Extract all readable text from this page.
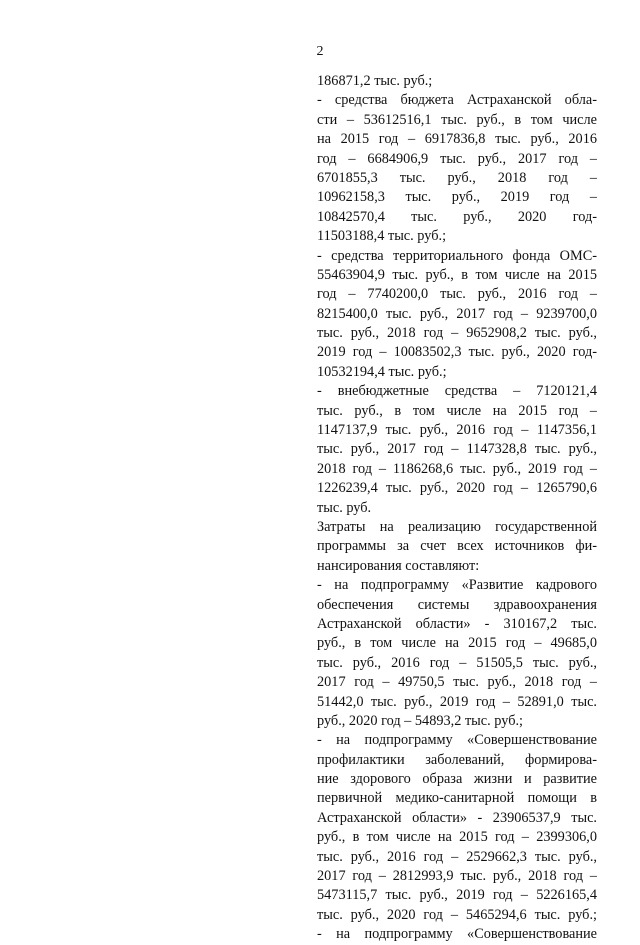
2
186871,2 тыс. руб.;
- средства бюджета Астраханской обла-
сти – 53612516,1 тыс. руб., в том числе
на 2015 год – 6917836,8 тыс. руб., 2016
год – 6684906,9 тыс. руб., 2017 год –
6701855,3 тыс. руб., 2018 год –
10962158,3 тыс. руб., 2019 год –
10842570,4 тыс. руб., 2020 год-
11503188,4 тыс. руб.;
- средства территориального фонда ОМС-
55463904,9 тыс. руб., в том числе на 2015
год – 7740200,0 тыс. руб., 2016 год –
8215400,0 тыс. руб., 2017 год – 9239700,0
тыс. руб., 2018 год – 9652908,2 тыс. руб.,
2019 год – 10083502,3 тыс. руб., 2020 год-
10532194,4 тыс. руб.;
- внебюджетные средства – 7120121,4
тыс. руб., в том числе на 2015 год –
1147137,9 тыс. руб., 2016 год – 1147356,1
тыс. руб., 2017 год – 1147328,8 тыс. руб.,
2018 год – 1186268,6 тыс. руб., 2019 год –
1226239,4 тыс. руб., 2020 год – 1265790,6
тыс. руб.
Затраты на реализацию государственной
программы за счет всех источников фи-
нансирования составляют:
- на подпрограмму «Развитие кадрового
обеспечения системы здравоохранения
Астраханской области» - 310167,2 тыс.
руб., в том числе на 2015 год – 49685,0
тыс. руб., 2016 год – 51505,5 тыс. руб.,
2017 год – 49750,5 тыс. руб., 2018 год –
51442,0 тыс. руб., 2019 год – 52891,0 тыс.
руб., 2020 год – 54893,2 тыс. руб.;
- на подпрограмму «Совершенствование
профилактики заболеваний, формирова-
ние здорового образа жизни и развитие
первичной медико-санитарной помощи в
Астраханской области» - 23906537,9 тыс.
руб., в том числе на 2015 год – 2399306,0
тыс. руб., 2016 год – 2529662,3 тыс. руб.,
2017 год – 2812993,9 тыс. руб., 2018 год –
5473115,7 тыс. руб., 2019 год – 5226165,4
тыс. руб., 2020 год – 5465294,6 тыс. руб.;
- на подпрограмму «Совершенствование
